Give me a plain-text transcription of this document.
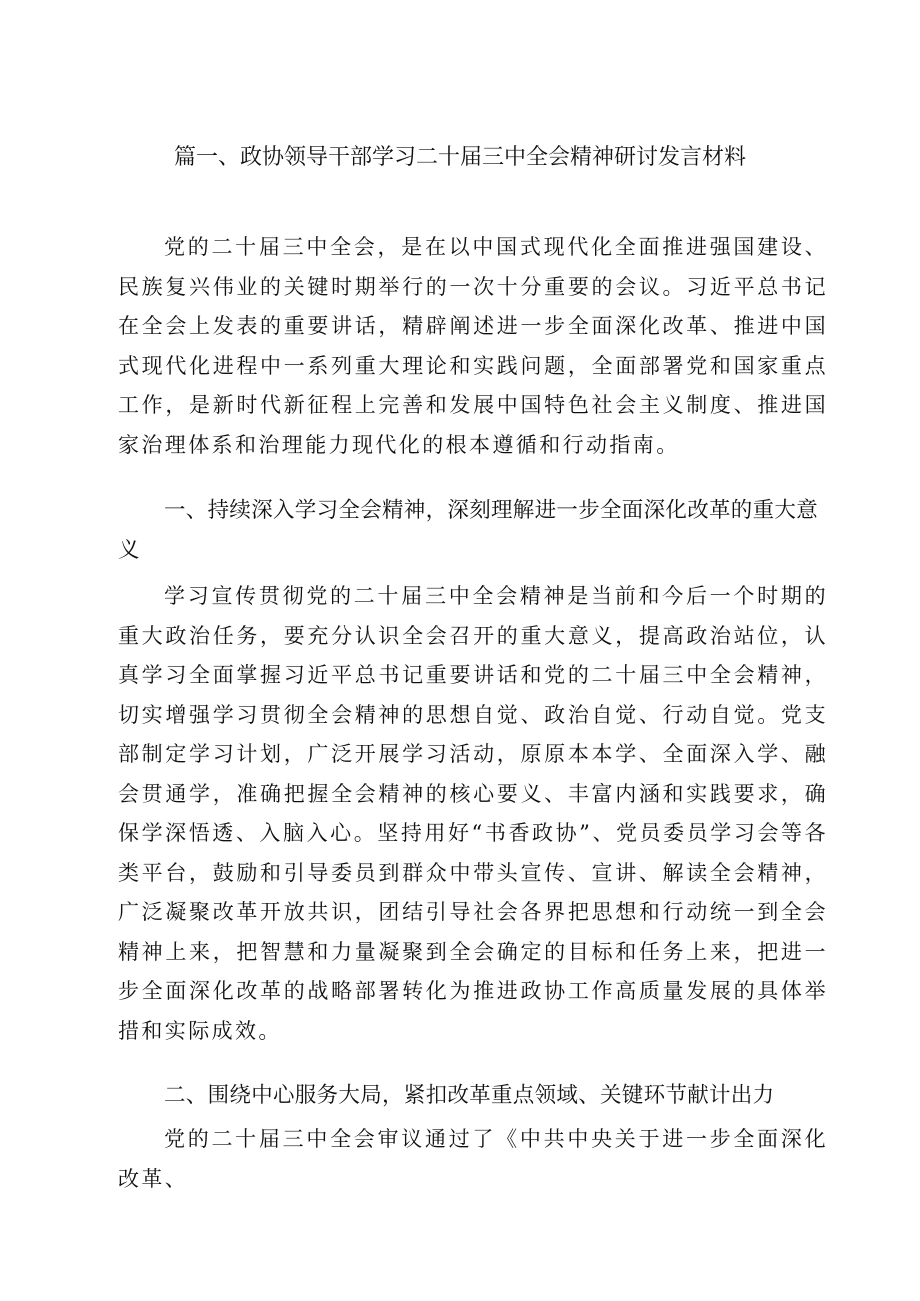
篇一、政协领导干部学习二十届三中全会精神研讨发言材料

党的二十届三中全会，是在以中国式现代化全面推进强国建设、民族复兴伟业的关键时期举行的一次十分重要的会议。习近平总书记在全会上发表的重要讲话，精辟阐述进一步全面深化改革、推进中国式现代化进程中一系列重大理论和实践问题，全面部署党和国家重点工作，是新时代新征程上完善和发展中国特色社会主义制度、推进国家治理体系和治理能力现代化的根本遵循和行动指南。

一、持续深入学习全会精神，深刻理解进一步全面深化改革的重大意义

学习宣传贯彻党的二十届三中全会精神是当前和今后一个时期的重大政治任务，要充分认识全会召开的重大意义，提高政治站位，认真学习全面掌握习近平总书记重要讲话和党的二十届三中全会精神，切实增强学习贯彻全会精神的思想自觉、政治自觉、行动自觉。党支部制定学习计划，广泛开展学习活动，原原本本学、全面深入学、融会贯通学，准确把握全会精神的核心要义、丰富内涵和实践要求，确保学深悟透、入脑入心。坚持用好“书香政协”、党员委员学习会等各类平台，鼓励和引导委员到群众中带头宣传、宣讲、解读全会精神，广泛凝聚改革开放共识，团结引导社会各界把思想和行动统一到全会精神上来，把智慧和力量凝聚到全会确定的目标和任务上来，把进一步全面深化改革的战略部署转化为推进政协工作高质量发展的具体举措和实际成效。

二、围绕中心服务大局，紧扣改革重点领域、关键环节献计出力

党的二十届三中全会审议通过了《中共中央关于进一步全面深化改革、
